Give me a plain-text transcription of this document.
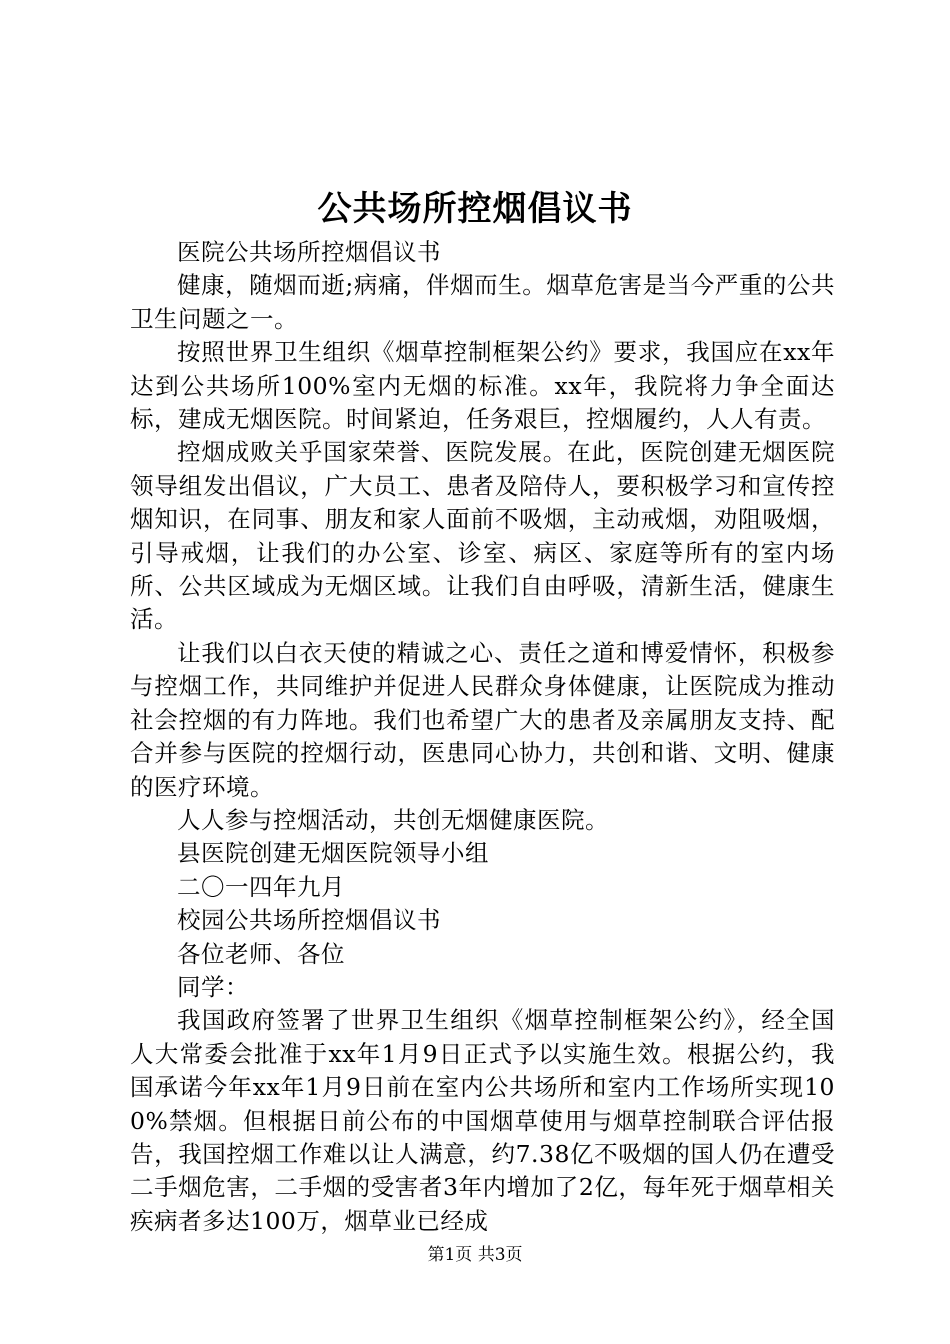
公共场所控烟倡议书

医院公共场所控烟倡议书

健康，随烟而逝;病痛，伴烟而生。烟草危害是当今严重的公共卫生问题之一。

按照世界卫生组织《烟草控制框架公约》要求，我国应在xx年达到公共场所100%室内无烟的标准。xx年，我院将力争全面达标，建成无烟医院。时间紧迫，任务艰巨，控烟履约，人人有责。

控烟成败关乎国家荣誉、医院发展。在此，医院创建无烟医院领导组发出倡议，广大员工、患者及陪侍人，要积极学习和宣传控烟知识，在同事、朋友和家人面前不吸烟，主动戒烟，劝阻吸烟，引导戒烟，让我们的办公室、诊室、病区、家庭等所有的室内场所、公共区域成为无烟区域。让我们自由呼吸，清新生活，健康生活。

让我们以白衣天使的精诚之心、责任之道和博爱情怀，积极参与控烟工作，共同维护并促进人民群众身体健康，让医院成为推动社会控烟的有力阵地。我们也希望广大的患者及亲属朋友支持、配合并参与医院的控烟行动，医患同心协力，共创和谐、文明、健康的医疗环境。

人人参与控烟活动，共创无烟健康医院。

县医院创建无烟医院领导小组

二〇一四年九月

校园公共场所控烟倡议书

各位老师、各位

同学：

我国政府签署了世界卫生组织《烟草控制框架公约》，经全国人大常委会批准于xx年1月9日正式予以实施生效。根据公约，我国承诺今年xx年1月9日前在室内公共场所和室内工作场所实现100%禁烟。但根据日前公布的中国烟草使用与烟草控制联合评估报告，我国控烟工作难以让人满意，约7.38亿不吸烟的国人仍在遭受二手烟危害，二手烟的受害者3年内增加了2亿，每年死于烟草相关疾病者多达100万，烟草业已经成

第1页 共3页
